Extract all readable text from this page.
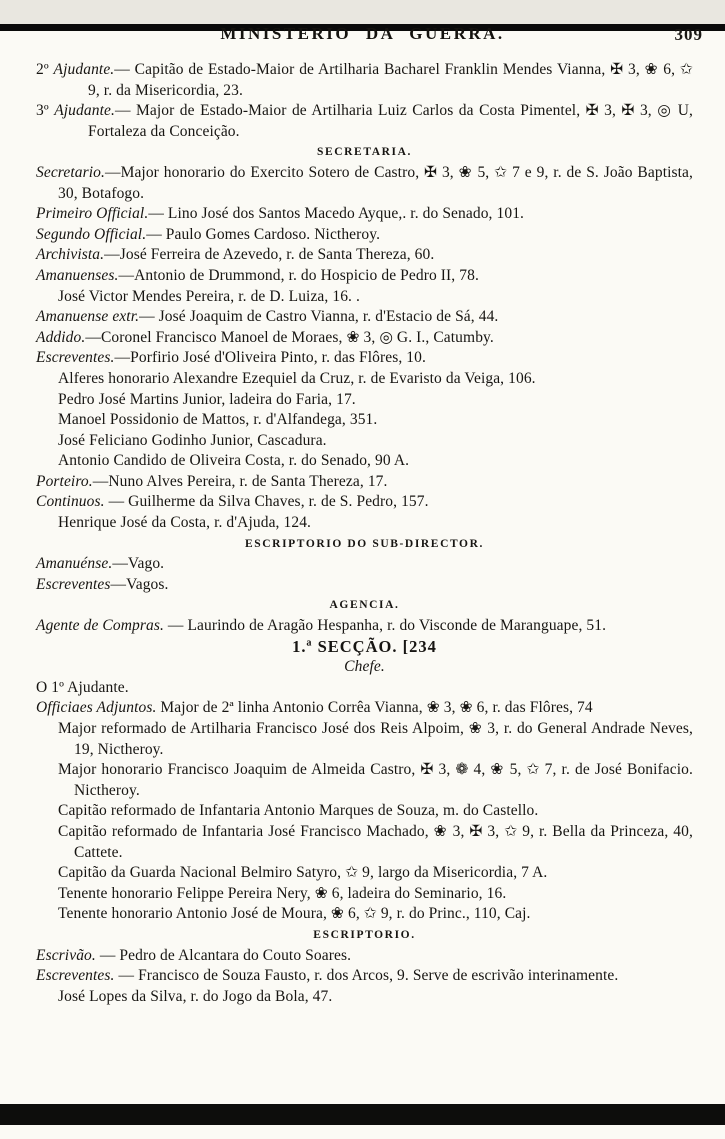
MINISTERIO DA GUERRA.	309

2º Ajudante.— Capitão de Estado-Maior de Artilharia Bacharel Franklin Mendes Vianna, ✠ 3, ❀ 6, ✩ 9, r. da Misericordia, 23.

3º Ajudante.— Major de Estado-Maior de Artilharia Luiz Carlos da Costa Pimentel, ✠ 3, ✠ 3, ◎ U, Fortaleza da Conceição.

SECRETARIA.

Secretario.—Major honorario do Exercito Sotero de Castro, ✠ 3, ❀ 5, ✩ 7 e 9, r. de S. João Baptista, 30, Botafogo.

Primeiro Official.— Lino José dos Santos Macedo Ayque,. r. do Senado, 101.

Segundo Official.— Paulo Gomes Cardoso. Nictheroy.

Archivista.—José Ferreira de Azevedo, r. de Santa Thereza, 60.

Amanuenses.—Antonio de Drummond, r. do Hospicio de Pedro II, 78.

José Victor Mendes Pereira, r. de D. Luiza, 16. .

Amanuense extr.— José Joaquim de Castro Vianna, r. d'Estacio de Sá, 44.

Addido.—Coronel Francisco Manoel de Moraes, ❀ 3, ◎ G. I., Catumby.

Escreventes.—Porfirio José d'Oliveira Pinto, r. das Flôres, 10.

Alferes honorario Alexandre Ezequiel da Cruz, r. de Evaristo da Veiga, 106.

Pedro José Martins Junior, ladeira do Faria, 17.

Manoel Possidonio de Mattos, r. d'Alfandega, 351.

José Feliciano Godinho Junior, Cascadura.

Antonio Candido de Oliveira Costa, r. do Senado, 90 A.

Porteiro.—Nuno Alves Pereira, r. de Santa Thereza, 17.

Continuos. — Guilherme da Silva Chaves, r. de S. Pedro, 157.

Henrique José da Costa, r. d'Ajuda, 124.

ESCRIPTORIO DO SUB-DIRECTOR.

Amanuénse.—Vago.

Escreventes—Vagos.

AGENCIA.

Agente de Compras. — Laurindo de Aragão Hespanha, r. do Visconde de Maranguape, 51.

1.ª SECÇÃO. [234

Chefe.

O 1º Ajudante.

Officiaes Adjuntos. Major de 2ª linha Antonio Corrêa Vianna, ❀ 3, ❀ 6, r. das Flôres, 74

Major reformado de Artilharia Francisco José dos Reis Alpoim, ❀ 3, r. do General Andrade Neves, 19, Nictheroy.

Major honorario Francisco Joaquim de Almeida Castro, ✠ 3, ❁ 4, ❀ 5, ✩ 7, r. de José Bonifacio. Nictheroy.

Capitão reformado de Infantaria Antonio Marques de Souza, m. do Castello.

Capitão reformado de Infantaria José Francisco Machado, ❀ 3, ✠ 3, ✩ 9, r. Bella da Princeza, 40, Cattete.

Capitão da Guarda Nacional Belmiro Satyro, ✩ 9, largo da Misericordia, 7 A.

Tenente honorario Felippe Pereira Nery, ❀ 6, ladeira do Seminario, 16.

Tenente honorario Antonio José de Moura, ❀ 6, ✩ 9, r. do Princ., 110, Caj.

ESCRIPTORIO.

Escrivão. — Pedro de Alcantara do Couto Soares.

Escreventes. — Francisco de Souza Fausto, r. dos Arcos, 9. Serve de escrivão interinamente.

José Lopes da Silva, r. do Jogo da Bola, 47.
